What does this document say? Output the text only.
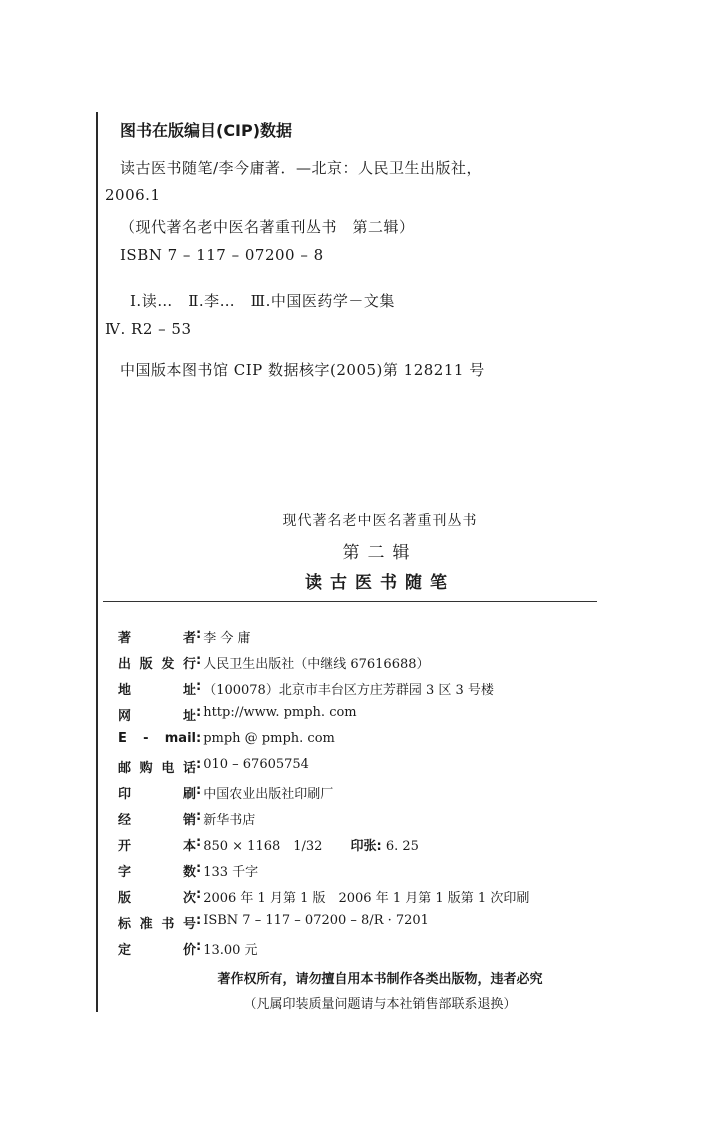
图书在版编目(CIP)数据
读古医书随笔/李今庸著．—北京：人民卫生出版社，
2006.1
（现代著名老中医名著重刊丛书　第二辑）
ISBN 7 – 117 – 07200 – 8
Ⅰ.读…　Ⅱ.李…　Ⅲ.中国医药学－文集
Ⅳ. R2 – 53
中国版本图书馆 CIP 数据核字(2005)第 128211 号
现代著名老中医名著重刊丛书
第二辑
读古医书随笔
著者 : 李 今 庸
出版发行 : 人民卫生出版社（中继线 67616688）
地址 : （100078）北京市丰台区方庄芳群园 3 区 3 号楼
网址 : http://www. pmph. com
E - mail : pmph @ pmph. com
邮购电话 : 010 – 67605754
印刷 : 中国农业出版社印刷厂
经销 : 新华书店
开本 : 850 × 1168　1/32 印张: 6. 25
字数 : 133 千字
版次 : 2006 年 1 月第 1 版　2006 年 1 月第 1 版第 1 次印刷
标准书号 : ISBN 7 – 117 – 07200 – 8/R · 7201
定价 : 13.00 元
著作权所有，请勿擅自用本书制作各类出版物，违者必究
（凡属印装质量问题请与本社销售部联系退换）
